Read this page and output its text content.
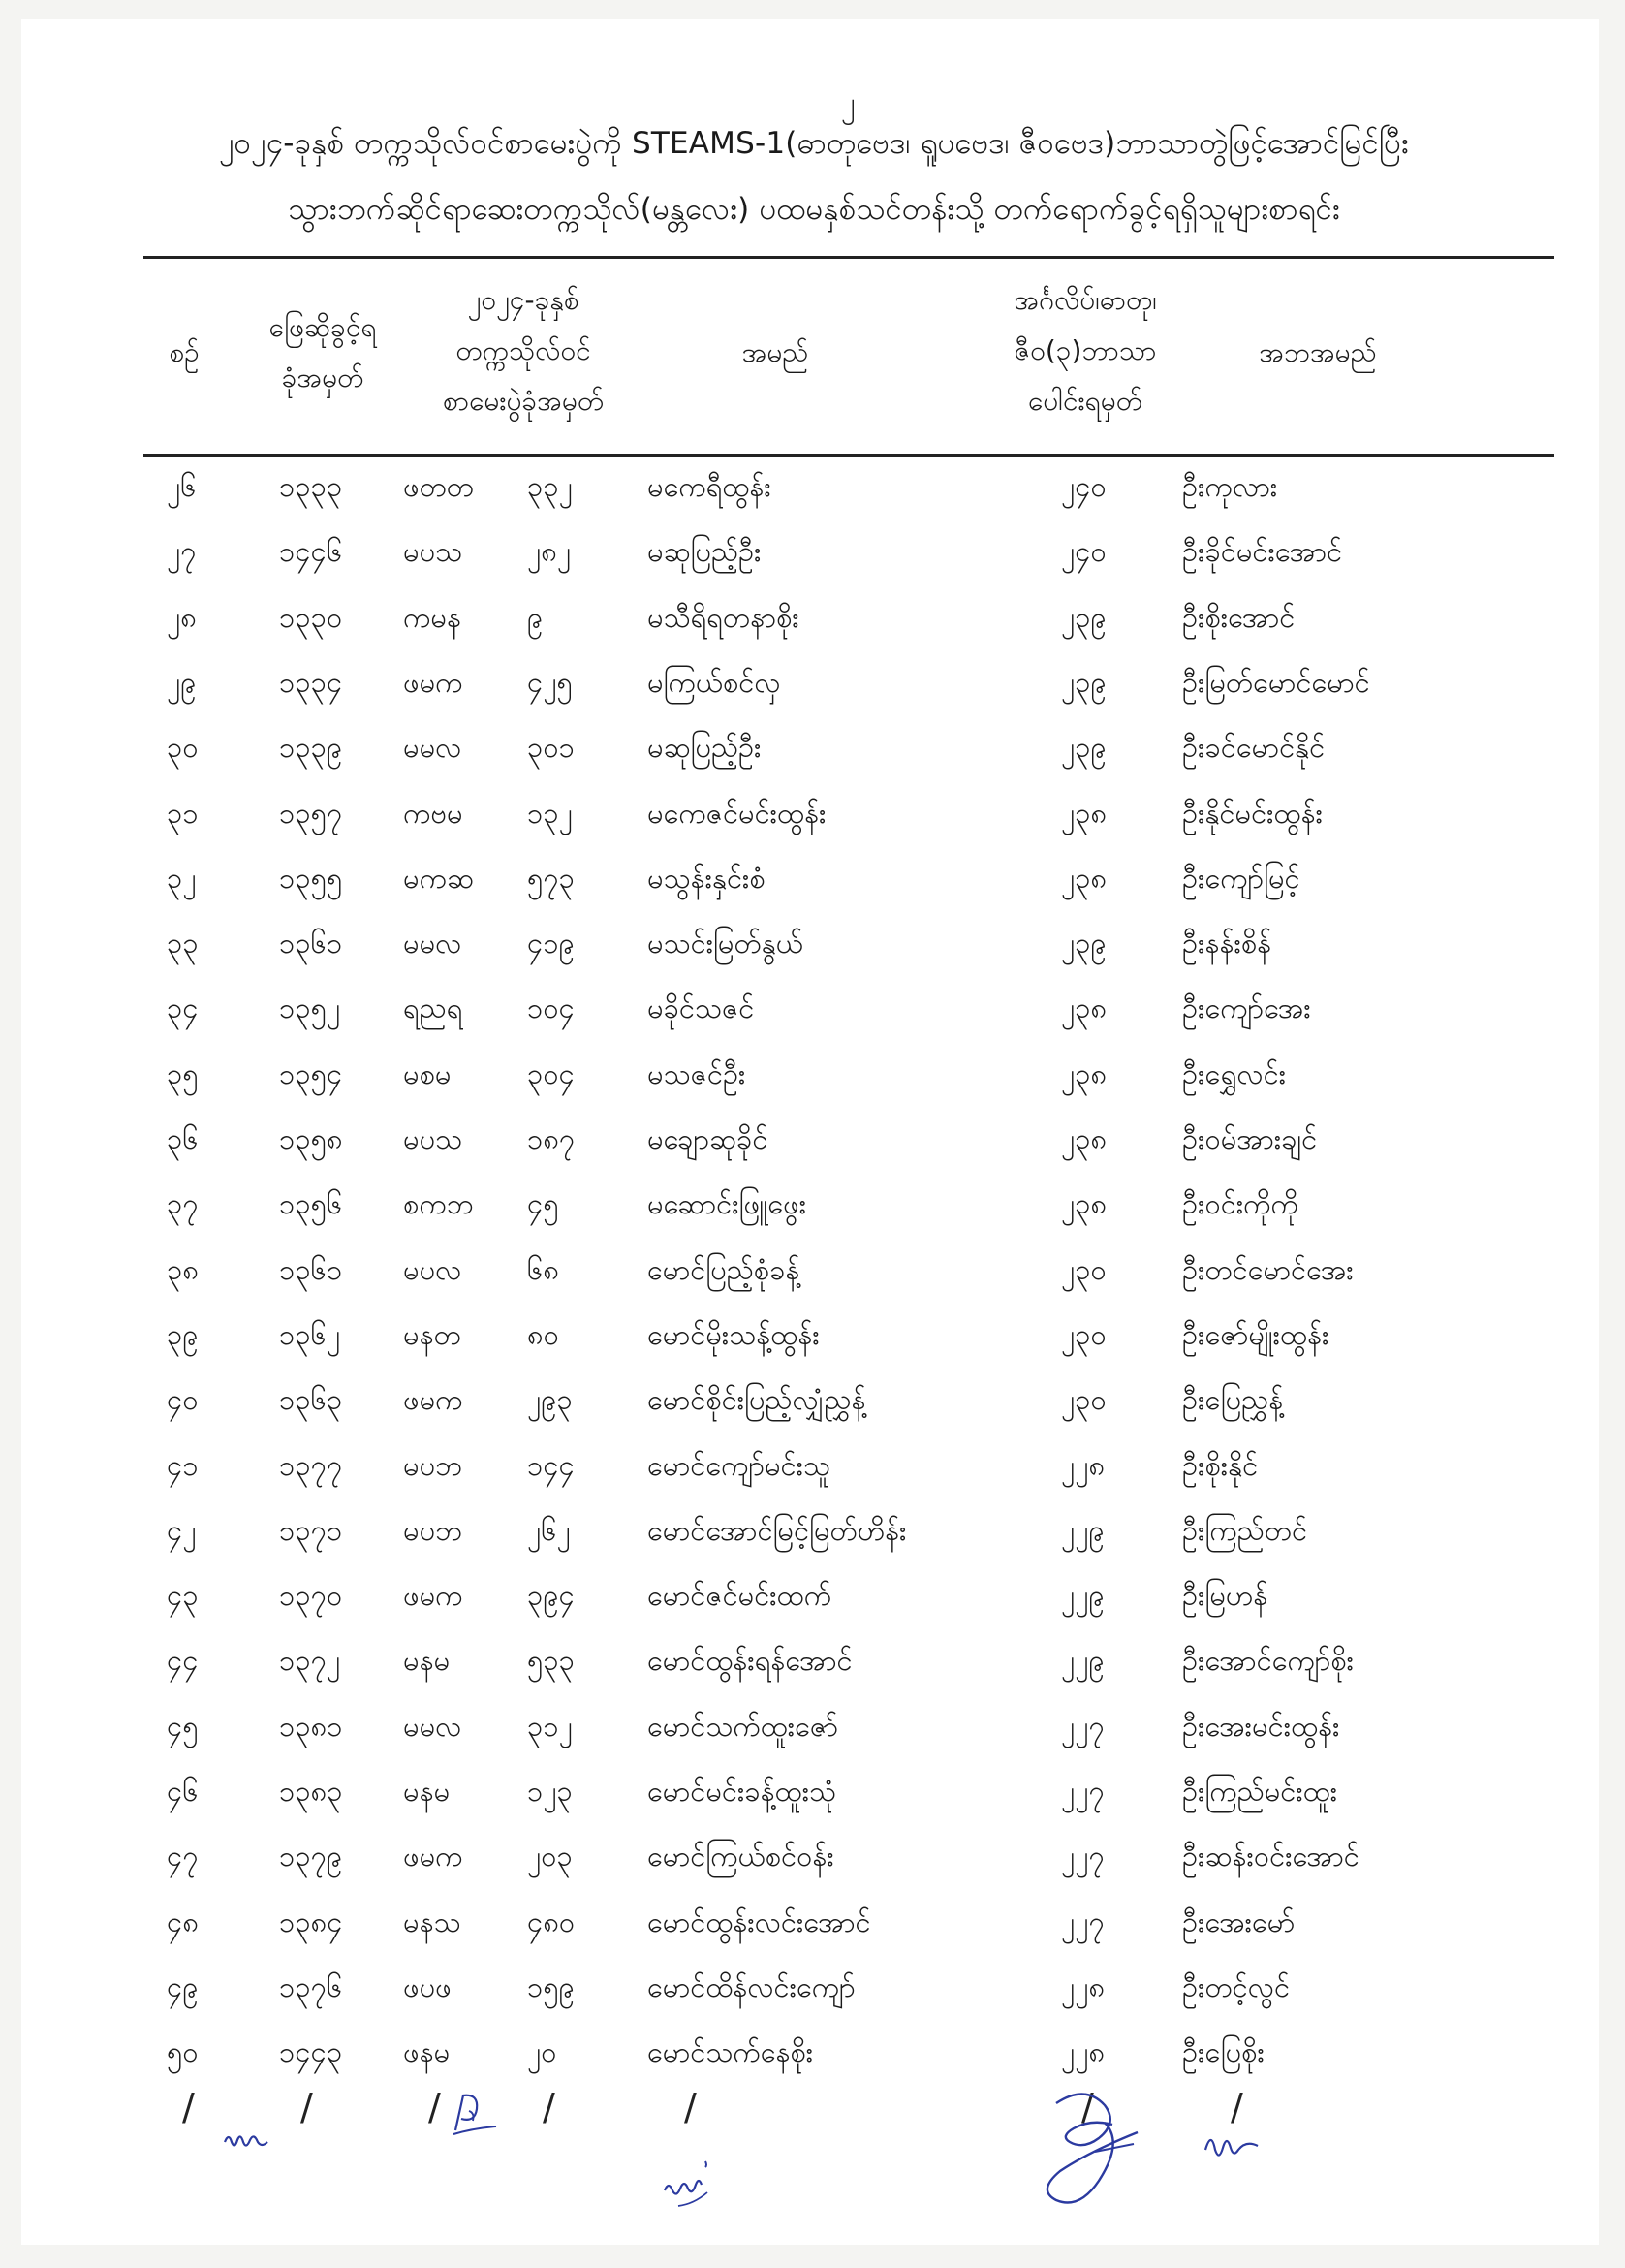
၂
၂၀၂၄-ခုနှစ် တက္ကသိုလ်ဝင်စာမေးပွဲကို STEAMS-1(ဓာတုဗေဒ၊ ရူပဗေဒ၊ ဇီဝဗေဒ)ဘာသာတွဲဖြင့်အောင်မြင်ပြီး
သွားဘက်ဆိုင်ရာဆေးတက္ကသိုလ်(မန္တလေး) ပထမနှစ်သင်တန်းသို့ တက်ရောက်ခွင့်ရရှိသူများစာရင်း
စဉ်
ဖြေဆိုခွင့်ရ
ခုံအမှတ်
၂၀၂၄-ခုနှစ်
တက္ကသိုလ်ဝင်
စာမေးပွဲခုံအမှတ်
အမည်
အင်္ဂလိပ်၊ဓာတု၊
ဇီဝ(၃)ဘာသာ
ပေါင်းရမှတ်
အဘအမည်
၂၆	၁၃၃၃ ဖတတ ၃၃၂	မကေရီထွန်း	၂၄၀	ဦးကုလား
၂၇	၁၄၄၆ မပသ ၂၈၂	မဆုပြည့်ဦး	၂၄၀	ဦးခိုင်မင်းအောင်
၂၈	၁၃၃၀ ကမန ၉	မသီရိရတနာစိုး	၂၃၉	ဦးစိုးအောင်
၂၉	၁၃၃၄ ဖမက ၄၂၅	မကြယ်စင်လှ	၂၃၉	ဦးမြတ်မောင်မောင်
၃၀	၁၃၃၉ မမလ ၃၀၁	မဆုပြည့်ဦး	၂၃၉	ဦးခင်မောင်နိုင်
၃၁	၁၃၅၇ ကဗမ ၁၃၂	မကေဇင်မင်းထွန်း	၂၃၈	ဦးနိုင်မင်းထွန်း
၃၂	၁၃၅၅ မကဆ ၅၇၃	မသွန်းနှင်းစံ	၂၃၈	ဦးကျော်မြင့်
၃၃	၁၃၆၁ မမလ ၄၁၉	မသင်းမြတ်နွယ်	၂၃၉	ဦးနန်းစိန်
၃၄	၁၃၅၂ ရညရ ၁၀၄	မခိုင်သဇင်	၂၃၈	ဦးကျော်အေး
၃၅	၁၃၅၄ မစမ	၃၀၄	မသဇင်ဦး	၂၃၈	ဦးရွှေလင်း
၃၆	၁၃၅၈ မပသ ၁၈၇	မချောဆုခိုင်	၂၃၈	ဦးဝမ်အားချင်
၃၇	၁၃၅၆ စကဘ ၄၅	မဆောင်းဖြူဖွေး	၂၃၈	ဦးဝင်းကိုကို
၃၈	၁၃၆၁ မပလ ၆၈	မောင်ပြည့်စုံခန့်	၂၃၀	ဦးတင်မောင်အေး
၃၉	၁၃၆၂ မနတ ၈၀	မောင်မိုးသန့်ထွန်း	၂၃၀	ဦးဇော်မျိုးထွန်း
၄၀	၁၃၆၃ ဖမက ၂၉၃	မောင်စိုင်းပြည့်လျှံညွှန့်	၂၃၀	ဦးပြေညွှန့်
၄၁	၁၃၇၇ မပဘ ၁၄၄	မောင်ကျော်မင်းသူ	၂၂၈	ဦးစိုးနိုင်
၄၂	၁၃၇၁ မပဘ ၂၆၂	မောင်အောင်မြင့်မြတ်ဟိန်း	၂၂၉	ဦးကြည်တင်
၄၃	၁၃၇၀ ဖမက ၃၉၄	မောင်ဇင်မင်းထက်	၂၂၉	ဦးမြဟန်
၄၄	၁၃၇၂ မနမ	၅၃၃	မောင်ထွန်းရန်အောင်	၂၂၉	ဦးအောင်ကျော်စိုး
၄၅	၁၃၈၁ မမလ ၃၁၂	မောင်သက်ထူးဇော်	၂၂၇	ဦးအေးမင်းထွန်း
၄၆	၁၃၈၃ မနမ	၁၂၃	မောင်မင်းခန့်ထူးသုံ	၂၂၇	ဦးကြည်မင်းထူး
၄၇	၁၃၇၉ ဖမက ၂၀၃	မောင်ကြယ်စင်ဝန်း	၂၂၇	ဦးဆန်းဝင်းအောင်
၄၈	၁၃၈၄ မနသ ၄၈၀	မောင်ထွန်းလင်းအောင်	၂၂၇	ဦးအေးမော်
၄၉	၁၃၇၆ ဖပဖ	၁၅၉	မောင်ထိန်လင်းကျော်	၂၂၈	ဦးတင့်လွင်
၅၀	၁၄၄၃ ဖနမ	၂၀	မောင်သက်နေစိုး	၂၂၈	ဦးပြေစိုး
/	/	/	/	/	/	/
